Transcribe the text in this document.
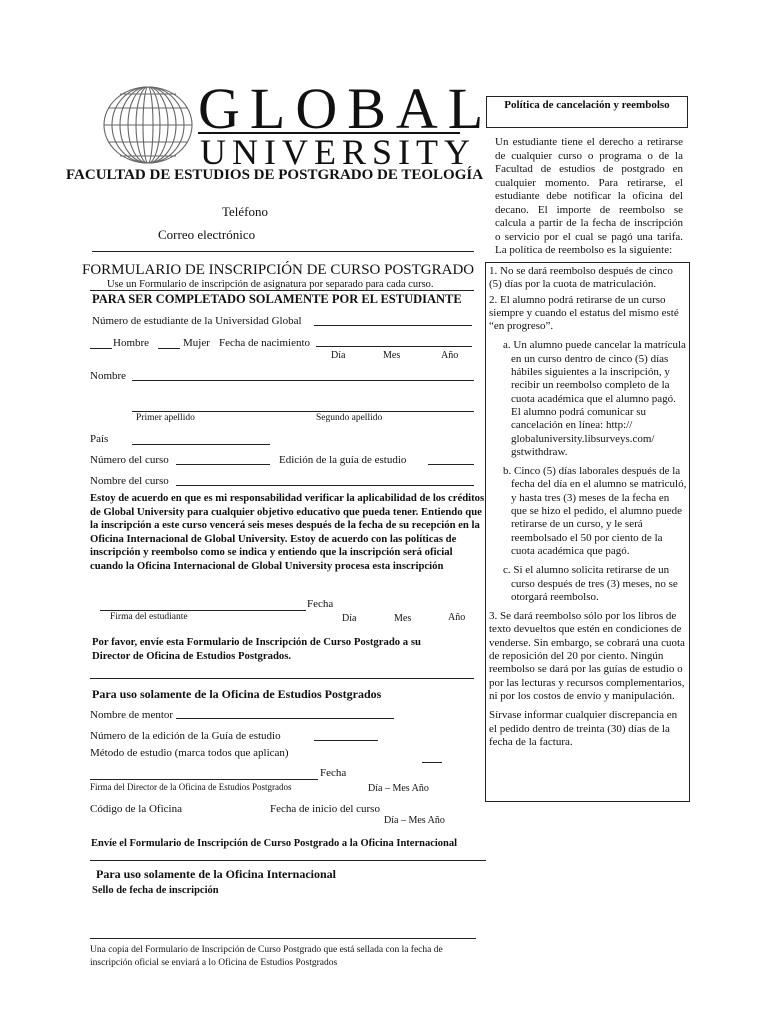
GLOBAL
UNIVERSITY
FACULTAD DE ESTUDIOS DE POSTGRADO DE TEOLOGÍA
Teléfono
Correo electrónico
FORMULARIO DE INSCRIPCIÓN DE CURSO POSTGRADO
Use un Formulario de inscripción de asignatura por separado para cada curso.
PARA SER COMPLETADO SOLAMENTE POR EL ESTUDIANTE
Número de estudiante de la Universidad Global
Hombre	Mujer Fecha de nacimiento
Día	Mes	Año
Nombre
Primer apellido	Segundo apellido
País
Número del curso	Edición de la guía de estudio
Nombre del curso
Estoy de acuerdo en que es mi responsabilidad verificar la aplicabilidad de los créditos de Global University para cualquier objetivo educativo que pueda tener. Entiendo que la inscripción a este curso vencerá seis meses después de la fecha de su recepción en la Oficina Internacional de Global University. Estoy de acuerdo con las políticas de inscripción y reembolso como se indica y entiendo que la inscripción será oficial cuando la Oficina Internacional de Global University procesa esta inscripción
Fecha
Firma del estudiante	Día	Mes	Año
Por favor, envíe esta Formulario de Inscripción de Curso Postgrado a su Director de Oficina de Estudios Postgrados.
Para uso solamente de la Oficina de Estudios Postgrados
Nombre de mentor
Número de la edición de la Guía de estudio
Método de estudio (marca todos que aplican)
Fecha
Firma del Director de la Oficina de Estudios Postgrados	Día – Mes Año
Código de la Oficina	Fecha de inicio del curso
Día – Mes Año
Envíe el Formulario de Inscripción de Curso Postgrado a la Oficina Internacional
Para uso solamente de la Oficina Internacional
Sello de fecha de inscripción
Una copia del Formulario de Inscripción de Curso Postgrado que está sellada con la fecha de inscripción oficial se enviará a lo Oficina de Estudios Postgrados
Política de cancelación y reembolso
Un estudiante tiene el derecho a retirarse de cualquier curso o programa o de la Facultad de estudios de postgrado en cualquier momento. Para retirarse, el estudiante debe notificar la oficina del decano. El importe de reembolso se calcula a partir de la fecha de inscripción o servicio por el cual se pagó una tarifa. La política de reembolso es la siguiente:

1. No se dará reembolso después de cinco (5) días por la cuota de matriculación.

2. El alumno podrá retirarse de un curso siempre y cuando el estatus del mismo esté “en progreso”.

a. Un alumno puede cancelar la matrícula en un curso dentro de cinco (5) días hábiles siguientes a la inscripción, y recibir un reembolso completo de la cuota académica que el alumno pagó. El alumno podrá comunicar su cancelación en línea: http:// globaluniversity.libsurveys.com/ gstwithdraw.

b. Cinco (5) días laborales después de la fecha del día en el alumno se matriculó, y hasta tres (3) meses de la fecha en que se hizo el pedido, el alumno puede retirarse de un curso, y le será reembolsado el 50 por ciento de la cuota académica que pagó.

c. Si el alumno solicita retirarse de un curso después de tres (3) meses, no se otorgará reembolso.

3. Se dará reembolso sólo por los libros de texto devueltos que estén en condiciones de venderse. Sin embargo, se cobrará una cuota de reposición del 20 por ciento. Ningún reembolso se dará por las guías de estudio o por las lecturas y recursos complementarios, ni por los costos de envío y manipulación.

Sírvase informar cualquier discrepancia en el pedido dentro de treinta (30) días de la fecha de la factura.
